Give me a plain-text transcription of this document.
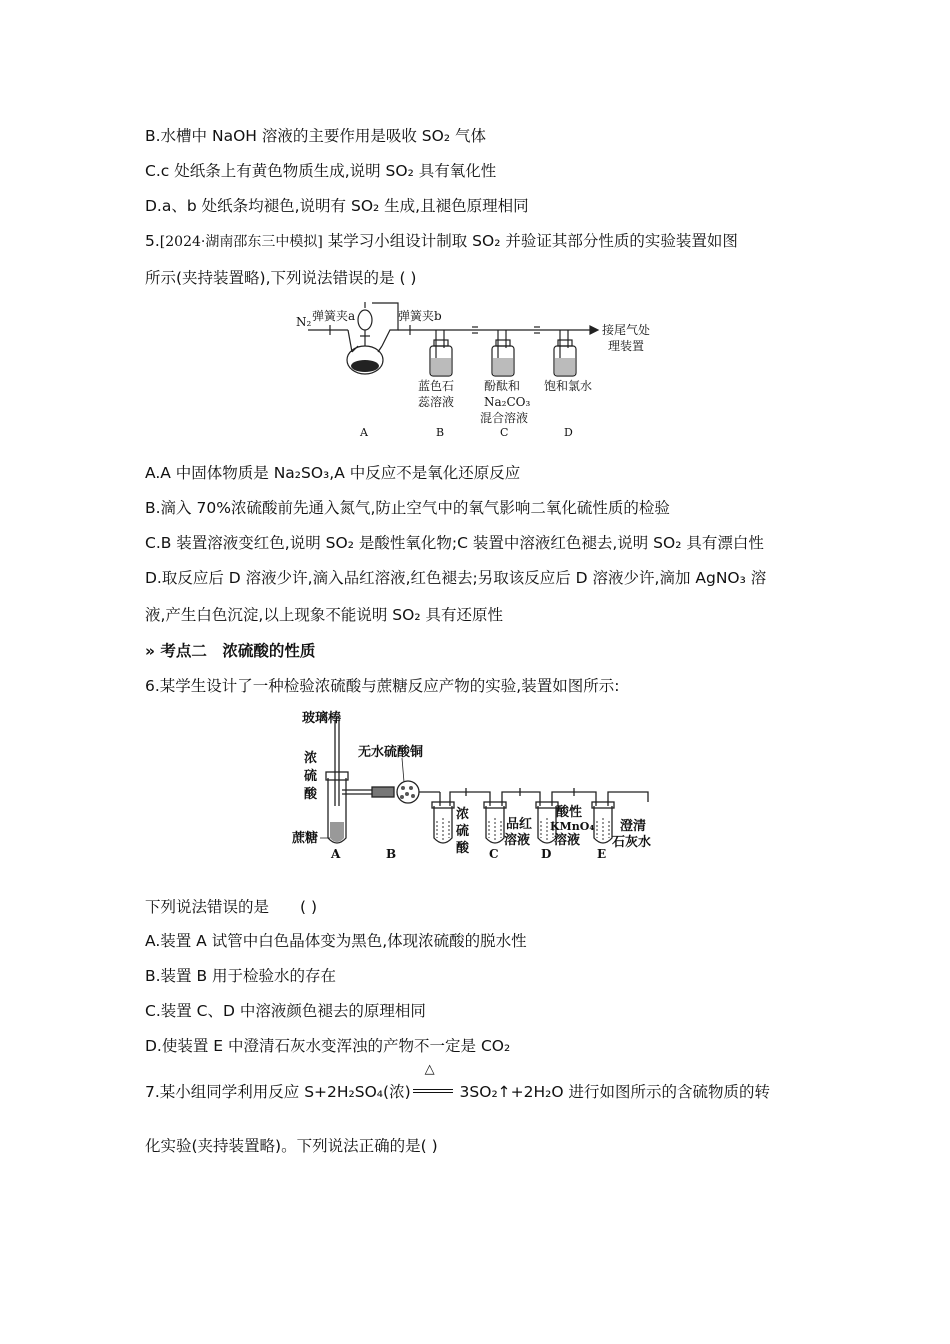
B.水槽中 NaOH 溶液的主要作用是吸收 SO₂ 气体
C.c 处纸条上有黄色物质生成,说明 SO₂ 具有氧化性
D.a、b 处纸条均褪色,说明有 SO₂ 生成,且褪色原理相同
5.[2024·湖南邵东三中模拟] 某学习小组设计制取 SO₂ 并验证其部分性质的实验装置如图
所示(夹持装置略),下列说法错误的是 ( )
N₂ 弹簧夹a	弹簧夹b
接尾气处
理装置
蓝色石
蕊溶液
酚酞和
Na₂CO₃
混合溶液
饱和氯水
A	B	C	D
A.A 中固体物质是 Na₂SO₃,A 中反应不是氧化还原反应
B.滴入 70%浓硫酸前先通入氮气,防止空气中的氧气影响二氧化硫性质的检验
C.B 装置溶液变红色,说明 SO₂ 是酸性氧化物;C 装置中溶液红色褪去,说明 SO₂ 具有漂白性
D.取反应后 D 溶液少许,滴入品红溶液,红色褪去;另取该反应后 D 溶液少许,滴加 AgNO₃ 溶
液,产生白色沉淀,以上现象不能说明 SO₂ 具有还原性
» 考点二　浓硫酸的性质
6.某学生设计了一种检验浓硫酸与蔗糖反应产物的实验,装置如图所示:
玻璃棒
浓
硫
酸
无水硫酸铜
蔗糖
浓
硫
酸
品红
溶液
酸性
KMnO₄
溶液
澄清
石灰水
A	B	C	D	E
下列说法错误的是　　( )
A.装置 A 试管中白色晶体变为黑色,体现浓硫酸的脱水性
B.装置 B 用于检验水的存在
C.装置 C、D 中溶液颜色褪去的原理相同
D.使装置 E 中澄清石灰水变浑浊的产物不一定是 CO₂
7.某小组同学利用反应 S+2H₂SO₄(浓)
△
3SO₂↑+2H₂O 进行如图所示的含硫物质的转
化实验(夹持装置略)。下列说法正确的是( )
